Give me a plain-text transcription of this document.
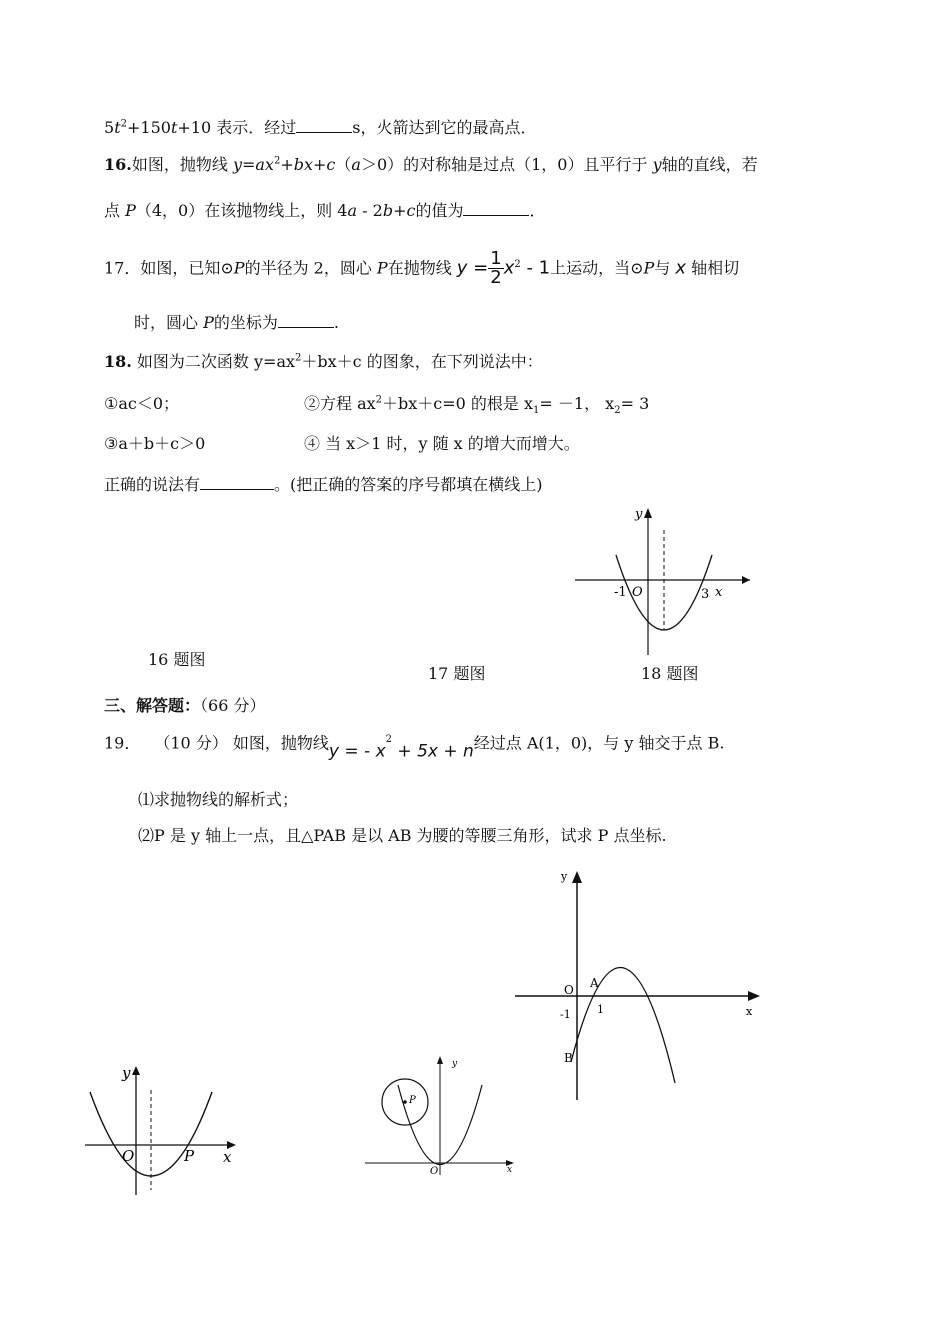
$5t^2+150t+10$ 表示．经过	s，火箭达到它的最高点．
16.如图，抛物线 $y=ax^2+bx+c(a>0)$的对称轴是过点（1，0）且平行于 y轴的直线，若
点 P（4，0）在该抛物线上，则 4a - 2b+c的值为	．
17．如图，已知⊙P的半径为 2，圆心 P在抛物线 $y = \frac{1}{2} x^2 - 1$上运动，当⊙P与 x 轴相切
时，圆心 P的坐标为	.
18. 如图为二次函数 $y=ax^2+bx+c$ 的图象，在下列说法中：
①ac＜0；	②方程 $ax^2+bx+c=0$ 的根是 $x_1= -1$， $x_2= 3$
③a＋b＋c＞0	④ 当 x＞1 时，y 随 x 的增大而增大。
正确的说法有	。(把正确的答案的序号都填在横线上)
y
x
-1 O	3
16 题图
17 题图	18 题图
三、解答题：（66 分）
19． （10 分） 如图，抛物线y = - $x^2 + 5x + n$经过点 A(1，0)，与 y 轴交于点 B.
⑴求抛物线的解析式；
⑵P 是 y 轴上一点，且△PAB 是以 AB 为腰的等腰三角形，试求 P 点坐标.
y
x
O A
1
-1
B
y
x
O	P
y
x
O
P
